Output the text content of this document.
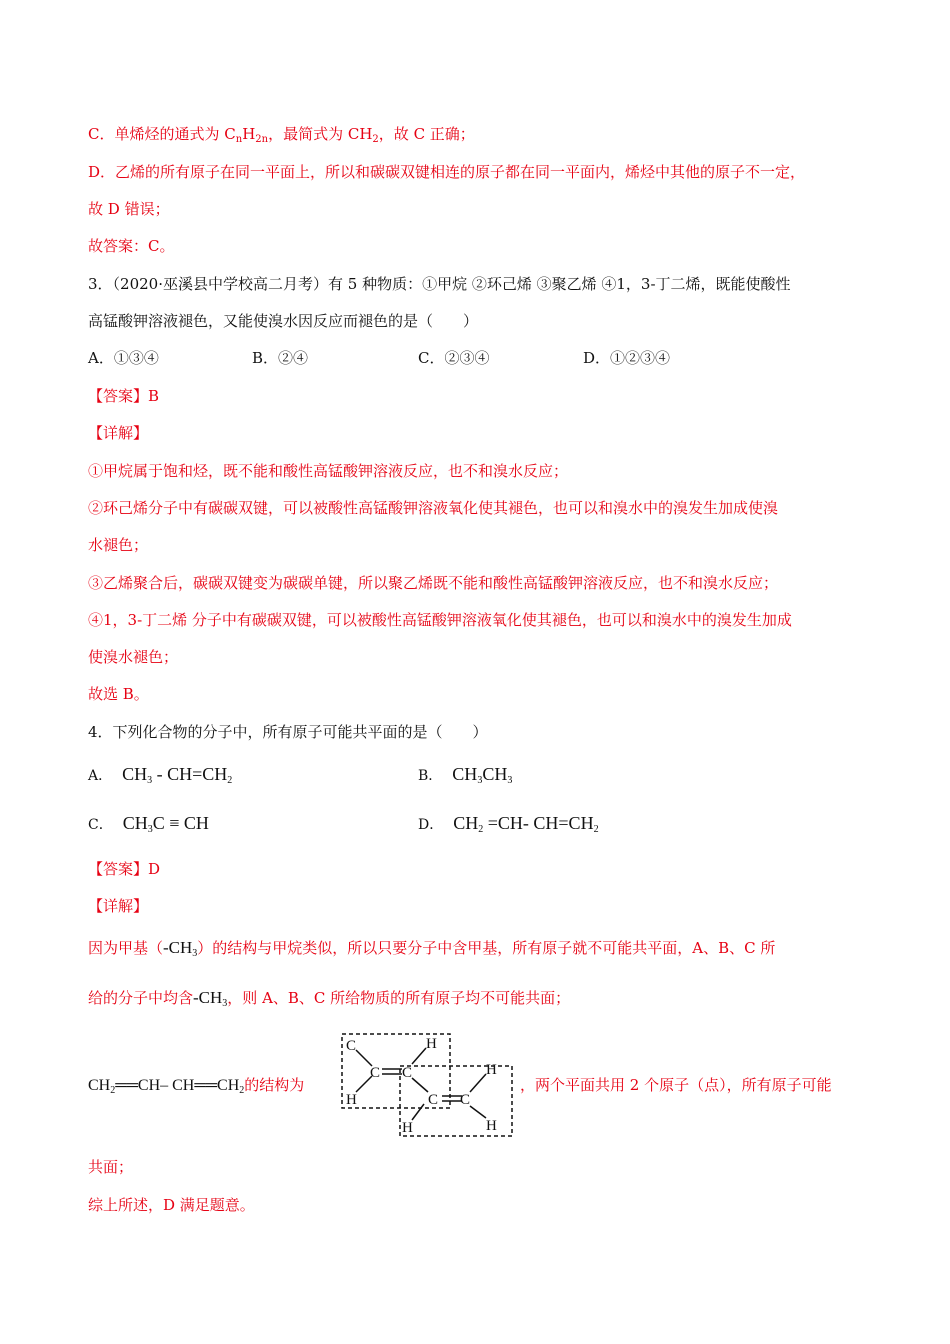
C．单烯烃的通式为 $C_nH_{2n}$，最简式为 $CH_2$，故 C 正确；
D．乙烯的所有原子在同一平面上，所以和碳碳双键相连的原子都在同一平面内，烯烃中其他的原子不一定，
故 D 错误；
故答案：C。
3．（2020·巫溪县中学校高二月考）有 5 种物质：①甲烷 ②环己烯 ③聚乙烯 ④1，3-丁二烯，既能使酸性
高锰酸钾溶液褪色，又能使溴水因反应而褪色的是（　　）
A．①③④	B．②④	C．②③④	D．①②③④
【答案】B
【详解】
①甲烷属于饱和烃，既不能和酸性高锰酸钾溶液反应，也不和溴水反应；
②环己烯分子中有碳碳双键，可以被酸性高锰酸钾溶液氧化使其褪色，也可以和溴水中的溴发生加成使溴
水褪色；
③乙烯聚合后，碳碳双键变为碳碳单键，所以聚乙烯既不能和酸性高锰酸钾溶液反应，也不和溴水反应；
④1，3-丁二烯 分子中有碳碳双键，可以被酸性高锰酸钾溶液氧化使其褪色，也可以和溴水中的溴发生加成
使溴水褪色；
故选 B。
4．下列化合物的分子中，所有原子可能共平面的是（　　）
A． $CH_3 - CH=CH_2$	B． $CH_3CH_3$
C． $CH_3C$ ≡ CH	D． $CH_2 =CH-$ $CH=CH_2$
【答案】D
【详解】
因为甲基$(-CH_3)$的结构与甲烷类似，所以只要分子中含甲基，所有原子就不可能共平面，A、B、C 所
给的分子中均含$-CH_3$，则 A、B、C 所给物质的所有原子均不可能共面；
$CH_2══CH-$ $CH══CH_2$的结构为
C
H
C C
H
C C
H
H	H
，两个平面共用 2 个原子（点），所有原子可能
共面；
综上所述，D 满足题意。
